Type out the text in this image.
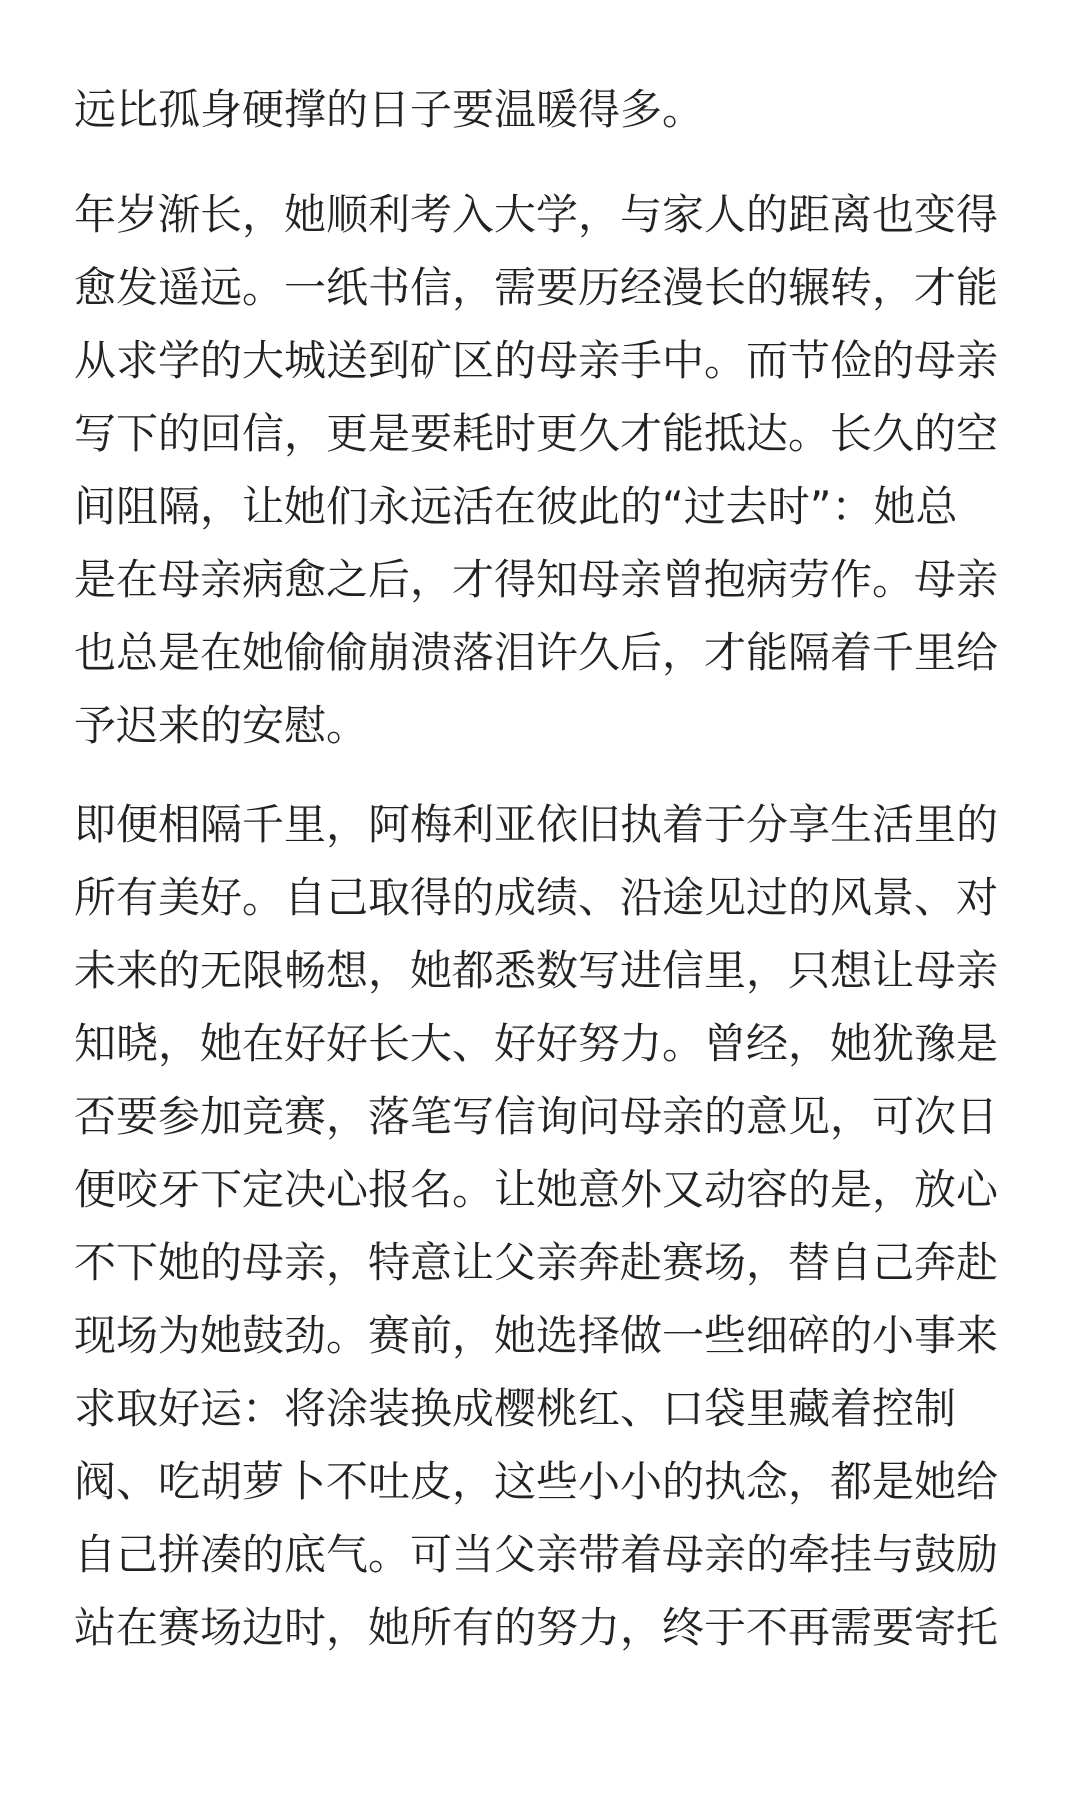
远比孤身硬撑的日子要温暖得多。
年岁渐长，她顺利考入大学，与家人的距离也变得
愈发遥远。一纸书信，需要历经漫长的辗转，才能
从求学的大城送到矿区的母亲手中。而节俭的母亲
写下的回信，更是要耗时更久才能抵达。长久的空
间阻隔，让她们永远活在彼此的“过去时”：她总
是在母亲病愈之后，才得知母亲曾抱病劳作。母亲
也总是在她偷偷崩溃落泪许久后，才能隔着千里给
予迟来的安慰。
即便相隔千里，阿梅利亚依旧执着于分享生活里的
所有美好。自己取得的成绩、沿途见过的风景、对
未来的无限畅想，她都悉数写进信里，只想让母亲
知晓，她在好好长大、好好努力。曾经，她犹豫是
否要参加竞赛，落笔写信询问母亲的意见，可次日
便咬牙下定决心报名。让她意外又动容的是，放心
不下她的母亲，特意让父亲奔赴赛场，替自己奔赴
现场为她鼓劲。赛前，她选择做一些细碎的小事来
求取好运：将涂装换成樱桃红、口袋里藏着控制
阀、吃胡萝卜不吐皮，这些小小的执念，都是她给
自己拼凑的底气。可当父亲带着母亲的牵挂与鼓励
站在赛场边时，她所有的努力，终于不再需要寄托
